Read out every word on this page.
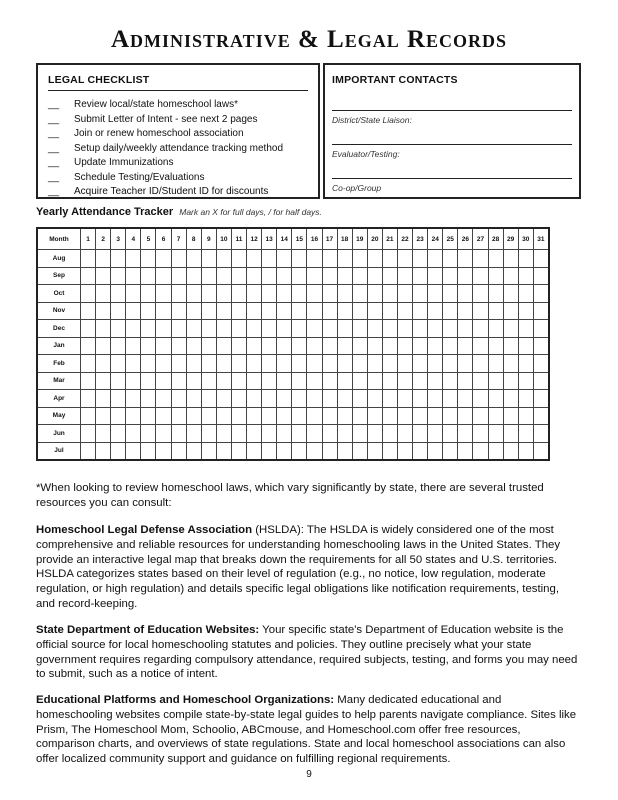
Administrative & Legal Records
LEGAL CHECKLIST
__ Review local/state homeschool laws*
__ Submit Letter of Intent - see next 2 pages
__ Join or renew homeschool association
__ Setup daily/weekly attendance tracking method
__ Update Immunizations
__ Schedule Testing/Evaluations
__ Acquire Teacher ID/Student ID for discounts
IMPORTANT CONTACTS
District/State Liaison:
Evaluator/Testing:
Co-op/Group
Yearly Attendance Tracker Mark an X for full days, / for half days.
Month	1	2	3	4	5	6	7	8	9	10	11	12	13	14	15	16	17	18	19	20	21	22	23	24	25	26	27	28	29	30	31
Aug																															
Sep																															
Oct																															
Nov																															
Dec																															
Jan																															
Feb																															
Mar																															
Apr																															
May																															
Jun																															
Jul																															
*When looking to review homeschool laws, which vary significantly by state, there are several trusted resources you can consult:
Homeschool Legal Defense Association (HSLDA): The HSLDA is widely considered one of the most comprehensive and reliable resources for understanding homeschooling laws in the United States. They provide an interactive legal map that breaks down the requirements for all 50 states and U.S. territories. HSLDA categorizes states based on their level of regulation (e.g., no notice, low regulation, moderate regulation, or high regulation) and details specific legal obligations like notification requirements, testing, and record-keeping.
State Department of Education Websites: Your specific state's Department of Education website is the official source for local homeschooling statutes and policies. They outline precisely what your state government requires regarding compulsory attendance, required subjects, testing, and forms you may need to submit, such as a notice of intent.
Educational Platforms and Homeschool Organizations: Many dedicated educational and homeschooling websites compile state-by-state legal guides to help parents navigate compliance. Sites like Prism, The Homeschool Mom, Schoolio, ABCmouse, and Homeschool.com offer free resources, comparison charts, and overviews of state regulations. State and local homeschool associations can also offer localized community support and guidance on fulfilling regional requirements.
9
